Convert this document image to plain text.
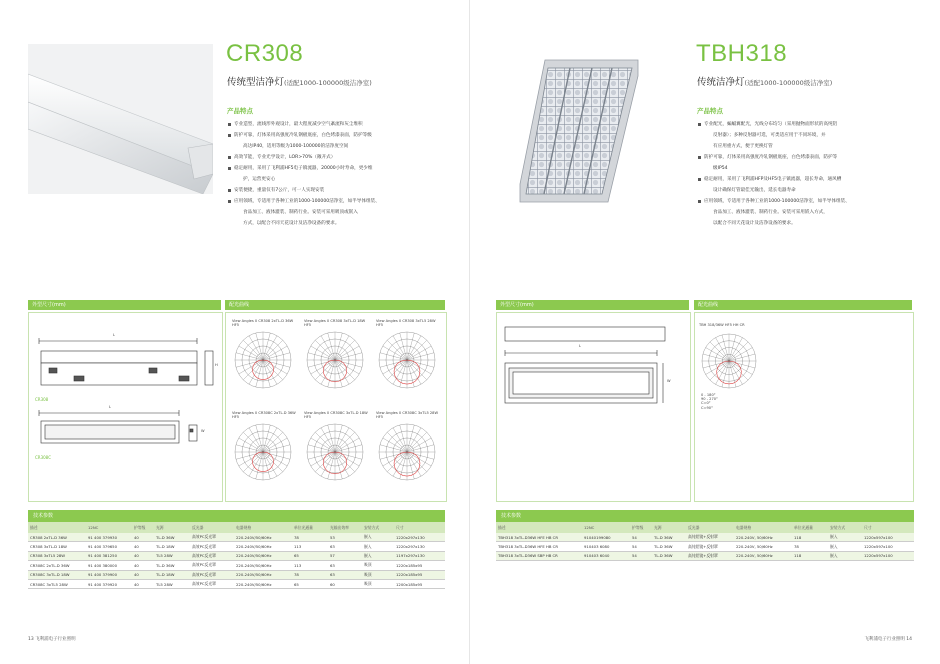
CR308
传统型洁净灯(适配1000-100000级洁净室)
产品特点
专业造型，流线形外观设计，最大程度减少空气紊流和灰尘堆积
防护可靠，灯体采用高强度冷轧钢板底座，白色烤漆表面，防护等级
高达IP40，适用等级为1000-100000的洁净度空间
高效节能，专业光学设计，LOR>70%（敞开式）
稳定耐用，采用了飞利浦HF5电子镇流器，20000小时寿命，更少维
护，运营更安心
安装便捷，重量仅有7公斤，可一人实现安装
应用领域，专适用于各种工业的1000-100000洁净室，如半导体组装、
食品加工、液体灌装、制药行业。安装可采用吸顶或嵌入
方式，以配合不同天花设计及洁净设备的要求。
外型尺寸(mm)	配光曲线
L
H
L
W
CR308
CR308C
View Angles 0 CR308 2xTL-D 36W HF5
View Angles 0 CR308 3xTL-D 18W HF5
View Angles 0 CR308 3xTL5 28W HF5
View Angles 0 CR308C 2xTL-D 36W HF5
View Angles 0 CR308C 3xTL-D 18W HF5
View Angles 0 CR308C 3xTL5 28W HF5
技术参数
描述	12NC	护等级	光源	反光器	电器规格	单位光通量	光输出效率	安装方式	尺寸
CR308 2xTL-D 36W	91 400 379930	40	TL-D 36W	高效PC反光罩	220-240V/50/60Hz	78	53	嵌入	1220x297x130
CR308 3xTL-D 18W	91 400 379650	40	TL-D 18W	高效PC反光罩	220-240V/50/60Hz	113	63	嵌入	1220x297x130
CR308 3xTL5 28W	91 400 381250	40	TL5 28W	高效PC反光罩	220-240V/50/60Hz	65	57	嵌入	1197x297x130
CR308C 2xTL-D 36W	91 400 380000	40	TL-D 36W	高效PC反光罩	220-240V/50/60Hz	113	63	吸顶	1220x185x95
CR308C 3xTL-D 18W	91 400 379900	40	TL-D 18W	高效PC反光罩	220-240V/50/60Hz	78	63	吸顶	1220x185x95
CR308C 3xTL5 28W	91 400 379920	40	TL5 28W	高效PC反光罩	220-240V/50/60Hz	65	60	吸顶	1200x185x95
13 飞利浦电子行业照明
TBH318
传统洁净灯(适配1000-100000级洁净室)
产品特点
专业配光，蝙蝠翼配光，光线分布均匀（采用抛物面形状的高纯铝
反射器）；多种反射器可选，可类适应用于不同环境，并
有应用重方式，便于更换灯管
防护可靠，灯体采用高强度冷轧钢板底座，白色烤漆表面，防护等
级IP54
稳定耐用，采用了飞利浦HFP及HF5电子镇流器，超长寿命，通风槽
设计确保灯管最佳光输出，延长电器寿命
应用领域，专适用于各种工业的1000-100000洁净室，如半导体组装、
食品加工、液体灌装、制药行业。安装可采用嵌入方式，
以配合不同天花设计及洁净设备的要求。
外型尺寸(mm)	配光曲线
L
W
TBH 318/36W HF5 HH CR
0 - 180°
90 - 270°
C=0°
C=90°
技术参数
描述	12NC	护等级	光源	反光器	电器规格	单位光通量	安装方式	尺寸
TBH318 3xTL-D36W HFE HB CR	91040199080	54	TL-D 36W	高纯铝镜+反射罩	220-240V, 50/60Hz	118	嵌入	1220x597x100
TBH318 3xTL-D36W HFE HB CR	910403 6080	54	TL-D 36W	高纯铝镜+反射罩	220-240V, 50/60Hz	78	嵌入	1220x597x100
TBH318 3xTL-D36W SBP HB CR	910403 6040	54	TL-D 36W	高纯铝镜+反射罩	220-240V, 50/60Hz	118	嵌入	1220x597x100
飞利浦电子行业照明 14
